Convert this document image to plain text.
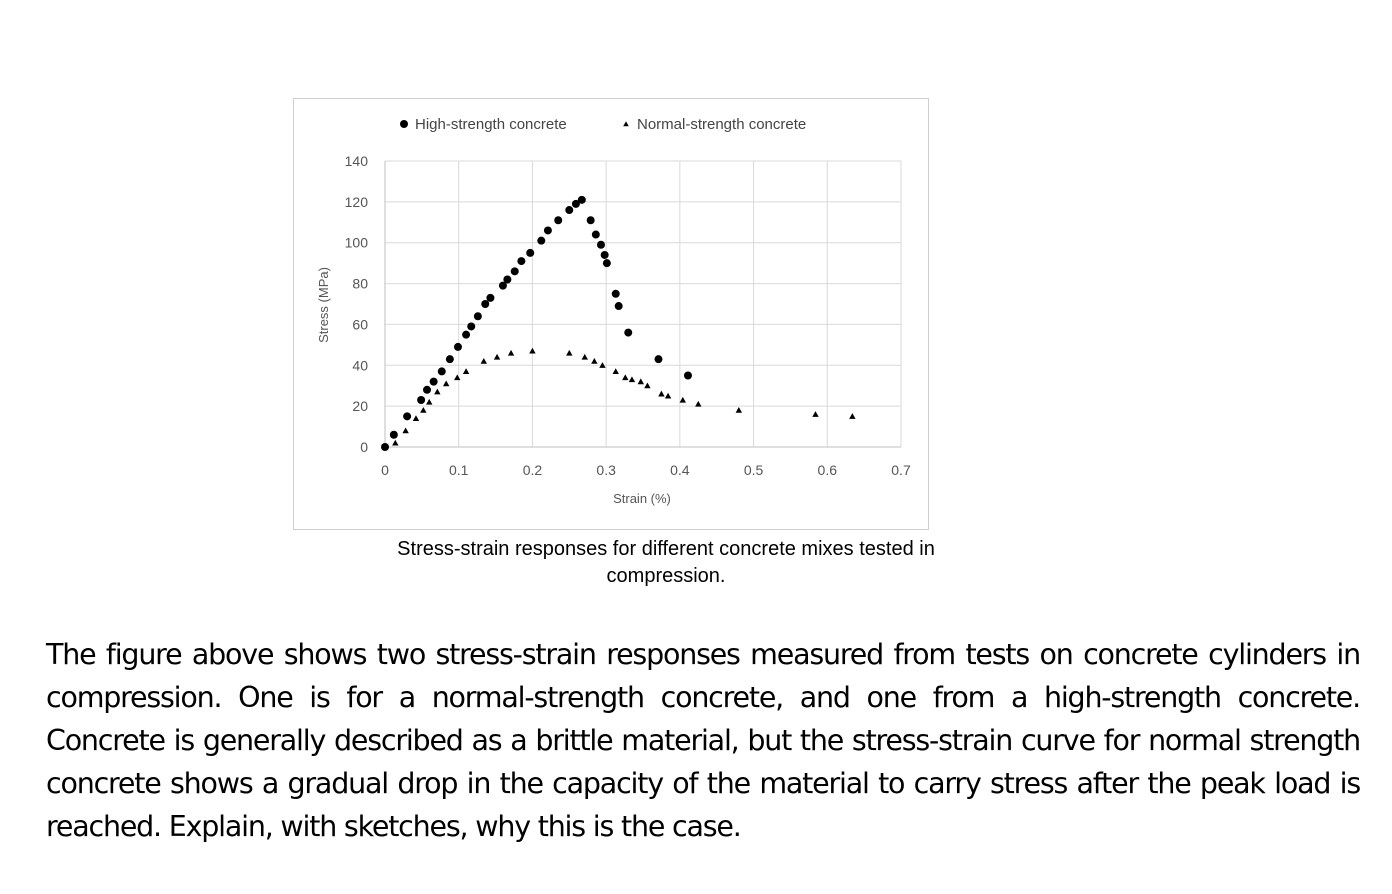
0	0.1	0.2	0.3	0.4	0.5	0.6	0.7
0
20
40
60
80
100
120
140
High-strength concrete	Normal-strength concrete
Strain (%)
Stress (MPa)
Stress-strain responses for different concrete mixes tested in
compression.
The figure above shows two stress-strain responses measured from tests on concrete cylinders in compression. One is for a normal-strength concrete, and one from a high-strength concrete. Concrete is generally described as a brittle material, but the stress-strain curve for normal strength concrete shows a gradual drop in the capacity of the material to carry stress after the peak load is reached. Explain, with sketches, why this is the case.
